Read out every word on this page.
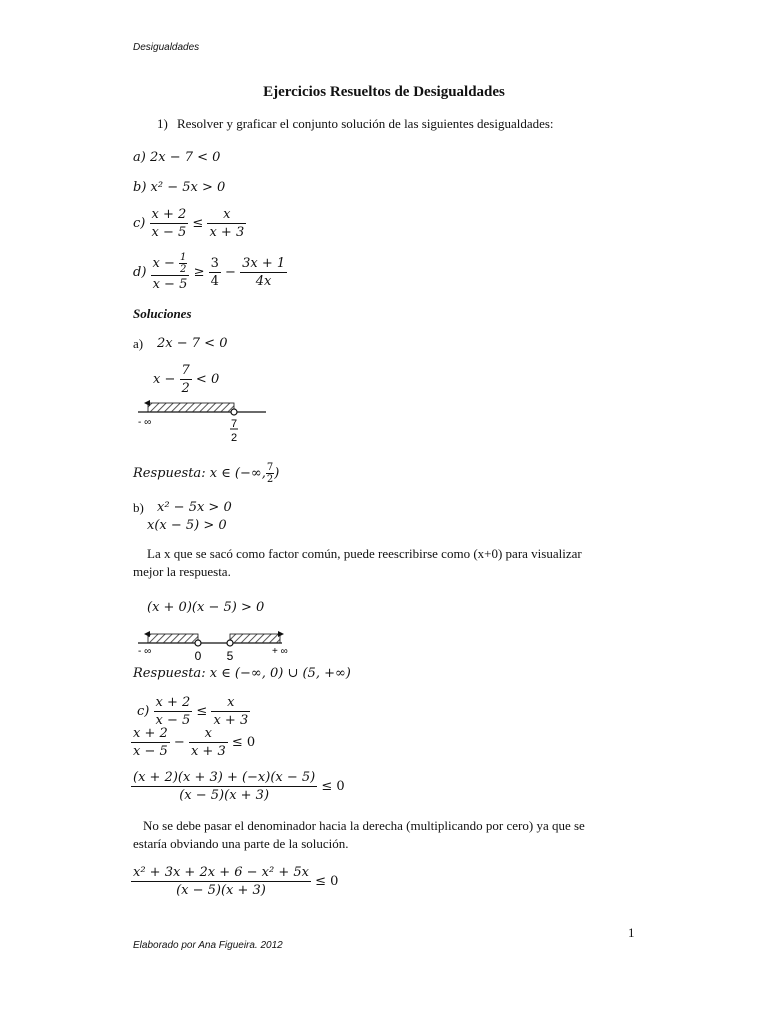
Desigualdades
Ejercicios Resueltos de Desigualdades
1) Resolver y graficar el conjunto solución de las siguientes desigualdades:
a) 2x − 7 < 0
b) x² − 5x > 0
$c) \frac{x + 2}{x - 5} \le \frac{x}{x + 3}$
$d) \frac{x - \frac{1}{2}}{x - 5} \ge \frac{3}{4} - \frac{3x + 1}{4x}$
Soluciones
a) 2x − 7 < 0
$x - \frac{7}{2} < 0$
- ∞	7
2
Respuesta: x ∈ (−∞, $\frac{7}{2}$ )
b) x² − 5x > 0
x(x − 5) > 0
La x que se sacó como factor común, puede reescribirse como (x+0) para visualizar
mejor la respuesta.
(x + 0)(x − 5) > 0
- ∞	0 5	+ ∞
Respuesta: x ∈ (−∞, 0) ∪ (5, +∞)
$c) \frac{x + 2}{x - 5} \le \frac{x}{x + 3}$
$\frac{x + 2}{x - 5} - \frac{x}{x + 3} \le 0$
$\frac{(x + 2)(x + 3) + (-x)(x - 5)}{(x - 5)(x + 3)} \le 0$
No se debe pasar el denominador hacia la derecha (multiplicando por cero) ya que se
estaría obviando una parte de la solución.
$\frac{\text{x² + 3x + 2x + 6 − x² + 5x}}{(x - 5)(x + 3)} \le 0$
1
Elaborado por Ana Figueira. 2012
